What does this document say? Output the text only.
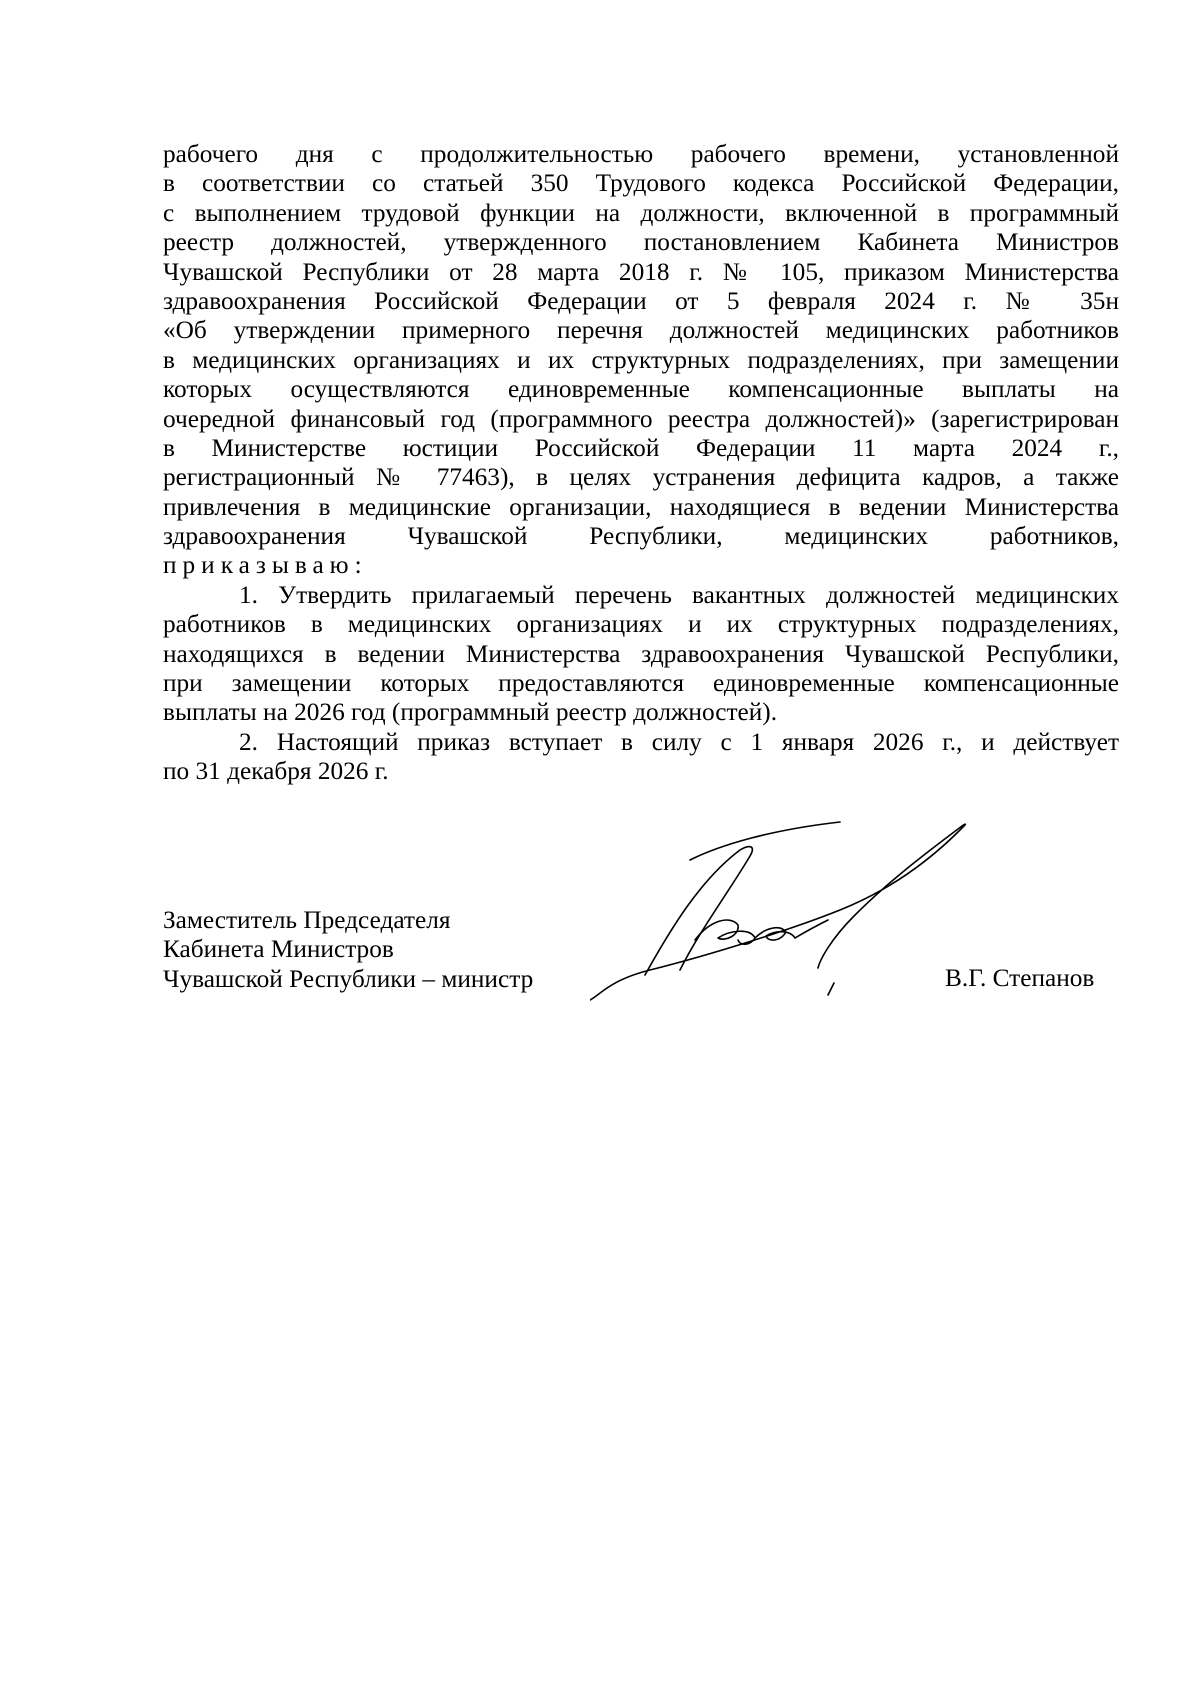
рабочего дня с продолжительностью рабочего времени, установленной
в соответствии со статьей 350 Трудового кодекса Российской Федерации,
с выполнением трудовой функции на должности, включенной в программный
реестр должностей, утвержденного постановлением Кабинета Министров
Чувашской Республики от 28 марта 2018 г. № 105, приказом Министерства
здравоохранения Российской Федерации от 5 февраля 2024 г. № 35н
«Об утверждении примерного перечня должностей медицинских работников
в медицинских организациях и их структурных подразделениях, при замещении
которых осуществляются единовременные компенсационные выплаты на
очередной финансовый год (программного реестра должностей)» (зарегистрирован
в Министерстве юстиции Российской Федерации 11 марта 2024 г.,
регистрационный № 77463), в целях устранения дефицита кадров, а также
привлечения в медицинские организации, находящиеся в ведении Министерства
здравоохранения Чувашской Республики, медицинских работников,
приказываю:
1. Утвердить прилагаемый перечень вакантных должностей медицинских
работников в медицинских организациях и их структурных подразделениях,
находящихся в ведении Министерства здравоохранения Чувашской Республики,
при замещении которых предоставляются единовременные компенсационные
выплаты на 2026 год (программный реестр должностей).
2. Настоящий приказ вступает в силу с 1 января 2026 г., и действует
по 31 декабря 2026 г.
Заместитель Председателя
Кабинета Министров
Чувашской Республики – министр	В.Г. Степанов
